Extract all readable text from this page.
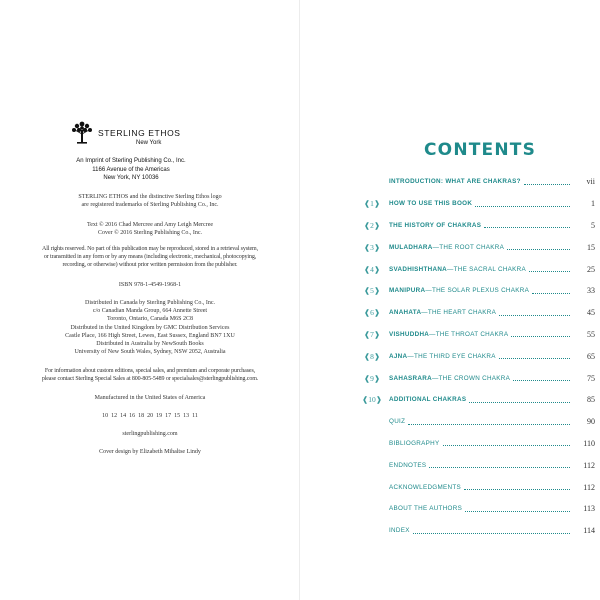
STERLING ETHOS
New York
An Imprint of Sterling Publishing Co., Inc.
1166 Avenue of the Americas
New York, NY 10036
STERLING ETHOS and the distinctive Sterling Ethos logo
are registered trademarks of Sterling Publishing Co., Inc.
Text © 2016 Chad Mercree and Amy Leigh Mercree
Cover © 2016 Sterling Publishing Co., Inc.
All rights reserved. No part of this publication may be reproduced, stored in a retrieval system,
or transmitted in any form or by any means (including electronic, mechanical, photocopying,
recording, or otherwise) without prior written permission from the publisher.
ISBN 978-1-4549-1968-1
Distributed in Canada by Sterling Publishing Co., Inc.
c/o Canadian Manda Group, 664 Annette Street
Toronto, Ontario, Canada M6S 2C8
Distributed in the United Kingdom by GMC Distribution Services
Castle Place, 166 High Street, Lewes, East Sussex, England BN7 1XU
Distributed in Australia by NewSouth Books
University of New South Wales, Sydney, NSW 2052, Australia
For information about custom editions, special sales, and premium and corporate purchases,
please contact Sterling Special Sales at 800-805-5489 or specialsales@sterlingpublishing.com.
Manufactured in the United States of America
10  12  14  16  18  20  19  17  15  13  11
sterlingpublishing.com
Cover design by Elizabeth Mihaltse Lindy
CONTENTS
INTRODUCTION: WHAT ARE CHAKRAS?	vii
❰1❱	HOW TO USE THIS BOOK	1
❰2❱	THE HISTORY OF CHAKRAS	5
❰3❱	MULADHARA—THE ROOT CHAKRA	15
❰4❱	SVADHISHTHANA—THE SACRAL CHAKRA	25
❰5❱	MANIPURA—THE SOLAR PLEXUS CHAKRA	33
❰6❱	ANAHATA—THE HEART CHAKRA	45
❰7❱	VISHUDDHA—THE THROAT CHAKRA	55
❰8❱	AJNA—THE THIRD EYE CHAKRA	65
❰9❱	SAHASRARA—THE CROWN CHAKRA	75
❰10❱	ADDITIONAL CHAKRAS	85
QUIZ	90
BIBLIOGRAPHY	110
ENDNOTES	112
ACKNOWLEDGMENTS	112
ABOUT THE AUTHORS	113
INDEX	114
